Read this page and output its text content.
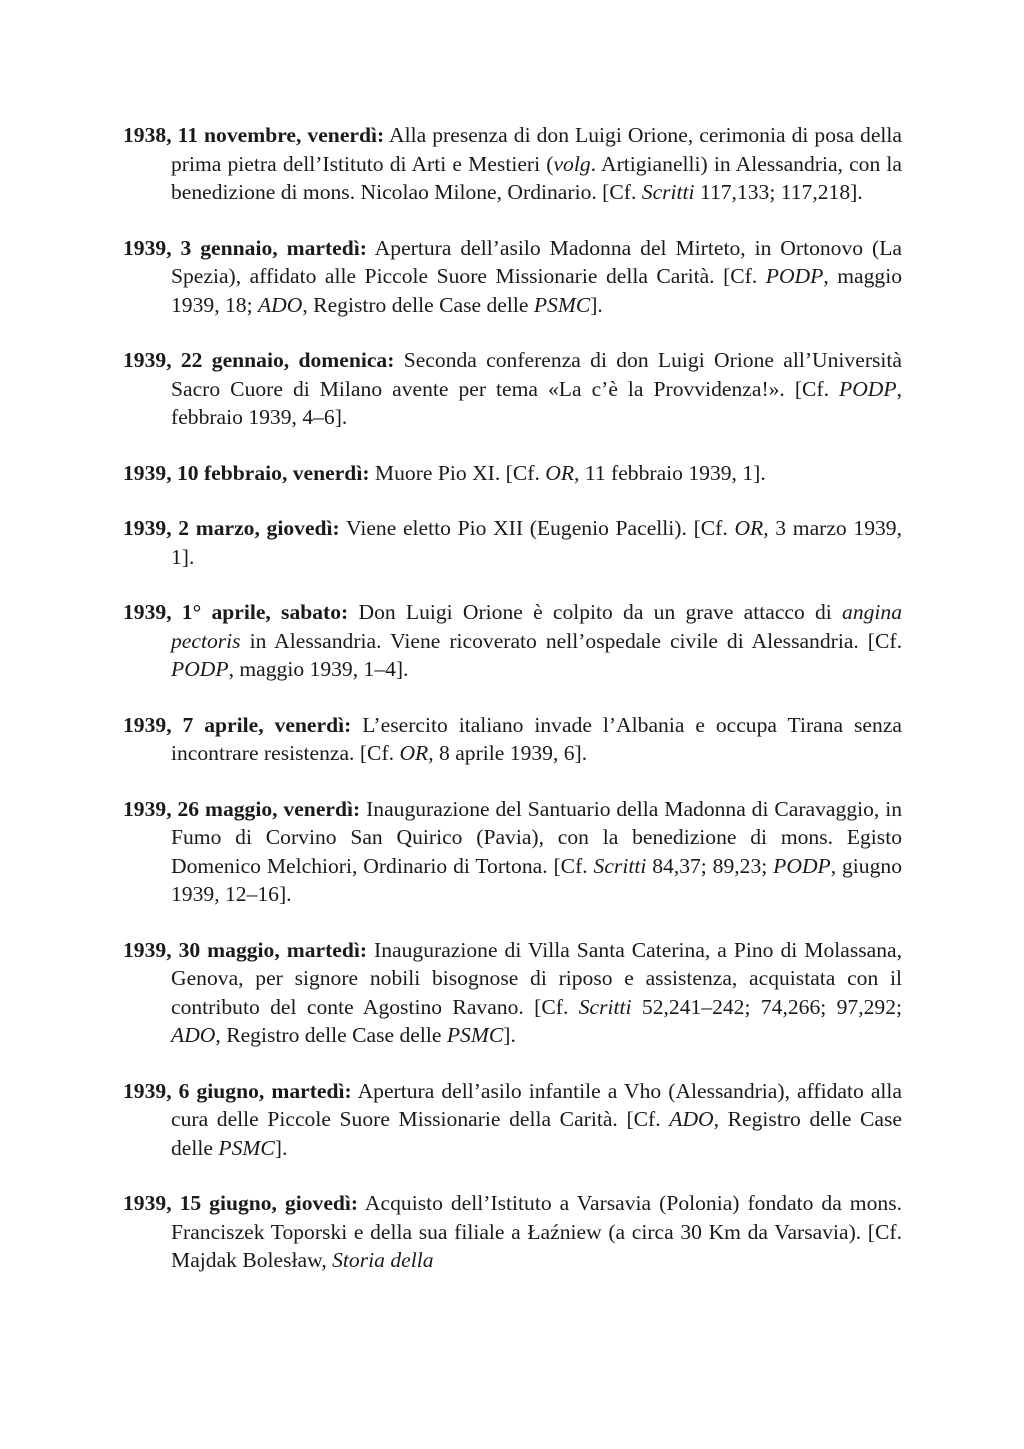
1938, 11 novembre, venerdì: Alla presenza di don Luigi Orione, cerimonia di posa della prima pietra dell’Istituto di Arti e Mestieri (volg. Artigianelli) in Alessandria, con la benedizione di mons. Nicolao Milone, Ordinario. [Cf. Scritti 117,133; 117,218].

1939, 3 gennaio, martedì: Apertura dell’asilo Madonna del Mirteto, in Ortonovo (La Spezia), affidato alle Piccole Suore Missionarie della Carità. [Cf. PODP, maggio 1939, 18; ADO, Registro delle Case delle PSMC].

1939, 22 gennaio, domenica: Seconda conferenza di don Luigi Orione all’Università Sacro Cuore di Milano avente per tema «La c’è la Provvidenza!». [Cf. PODP, febbraio 1939, 4–6].

1939, 10 febbraio, venerdì: Muore Pio XI. [Cf. OR, 11 febbraio 1939, 1].

1939, 2 marzo, giovedì: Viene eletto Pio XII (Eugenio Pacelli). [Cf. OR, 3 marzo 1939, 1].

1939, 1° aprile, sabato: Don Luigi Orione è colpito da un grave attacco di angina pectoris in Alessandria. Viene ricoverato nell’ospedale civile di Alessandria. [Cf. PODP, maggio 1939, 1–4].

1939, 7 aprile, venerdì: L’esercito italiano invade l’Albania e occupa Tirana senza incontrare resistenza. [Cf. OR, 8 aprile 1939, 6].

1939, 26 maggio, venerdì: Inaugurazione del Santuario della Madonna di Caravaggio, in Fumo di Corvino San Quirico (Pavia), con la benedizione di mons. Egisto Domenico Melchiori, Ordinario di Tortona. [Cf. Scritti 84,37; 89,23; PODP, giugno 1939, 12–16].

1939, 30 maggio, martedì: Inaugurazione di Villa Santa Caterina, a Pino di Molassana, Genova, per signore nobili bisognose di riposo e assistenza, acquistata con il contributo del conte Agostino Ravano. [Cf. Scritti 52,241–242; 74,266; 97,292; ADO, Registro delle Case delle PSMC].

1939, 6 giugno, martedì: Apertura dell’asilo infantile a Vho (Alessandria), affidato alla cura delle Piccole Suore Missionarie della Carità. [Cf. ADO, Registro delle Case delle PSMC].

1939, 15 giugno, giovedì: Acquisto dell’Istituto a Varsavia (Polonia) fondato da mons. Franciszek Toporski e della sua filiale a Łaźniew (a circa 30 Km da Varsavia). [Cf. Majdak Bolesław, Storia della
